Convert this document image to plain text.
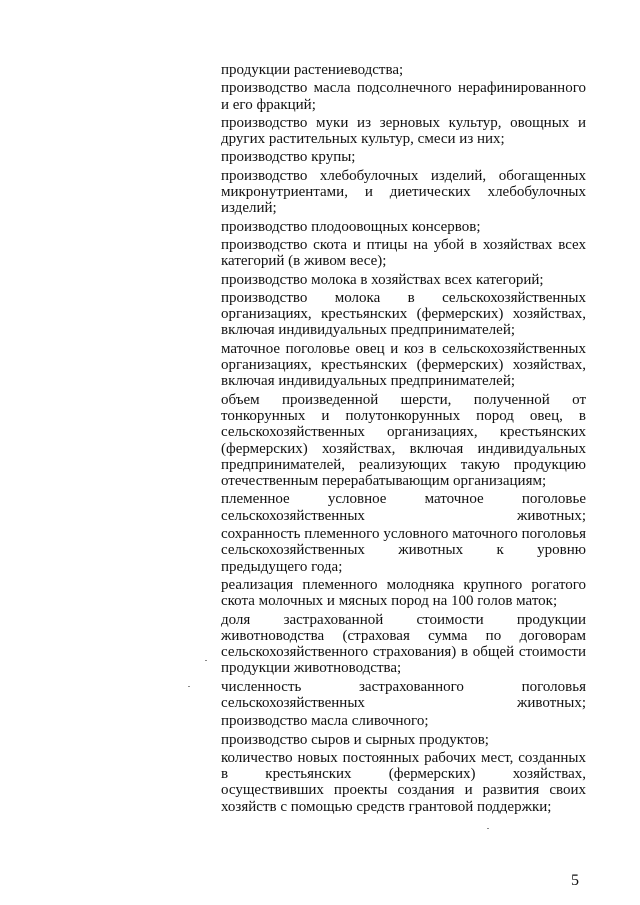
продукции растениеводства;

производство масла подсолнечного нерафинированного и его фракций;

производство муки из зерновых культур, овощных и других растительных культур, смеси из них;

производство крупы;

производство хлебобулочных изделий, обогащенных микронутриентами, и диетических хлебобулочных изделий;

производство плодоовощных консервов;

производство скота и птицы на убой в хозяйствах всех категорий (в живом весе);

производство молока в хозяйствах всех категорий;

производство молока в сельскохозяйственных организациях, крестьянских (фермерских) хозяйствах, включая индивидуальных предпринимателей;

маточное поголовье овец и коз в сельскохозяйственных организациях, крестьянских (фермерских) хозяйствах, включая индивидуальных предпринимателей;

объем произведенной шерсти, полученной от тонкорунных и полутонкорунных пород овец, в сельскохозяйственных организациях, крестьянских (фермерских) хозяйствах, включая индивидуальных предпринимателей, реализующих такую продукцию отечественным перерабатывающим организациям;

племенное условное маточное поголовье сельскохозяйственных животных;

сохранность племенного условного маточного поголовья сельскохозяйственных животных к уровню предыдущего года;

реализация племенного молодняка крупного рогатого скота молочных и мясных пород на 100 голов маток;

доля застрахованной стоимости продукции животноводства (страховая сумма по договорам сельскохозяйственного страхования) в общей стоимости продукции животноводства;

численность застрахованного поголовья сельскохозяйственных животных;

производство масла сливочного;

производство сыров и сырных продуктов;

количество новых постоянных рабочих мест, созданных в крестьянских (фермерских) хозяйствах, осуществивших проекты создания и развития своих хозяйств с помощью средств грантовой поддержки;

5
